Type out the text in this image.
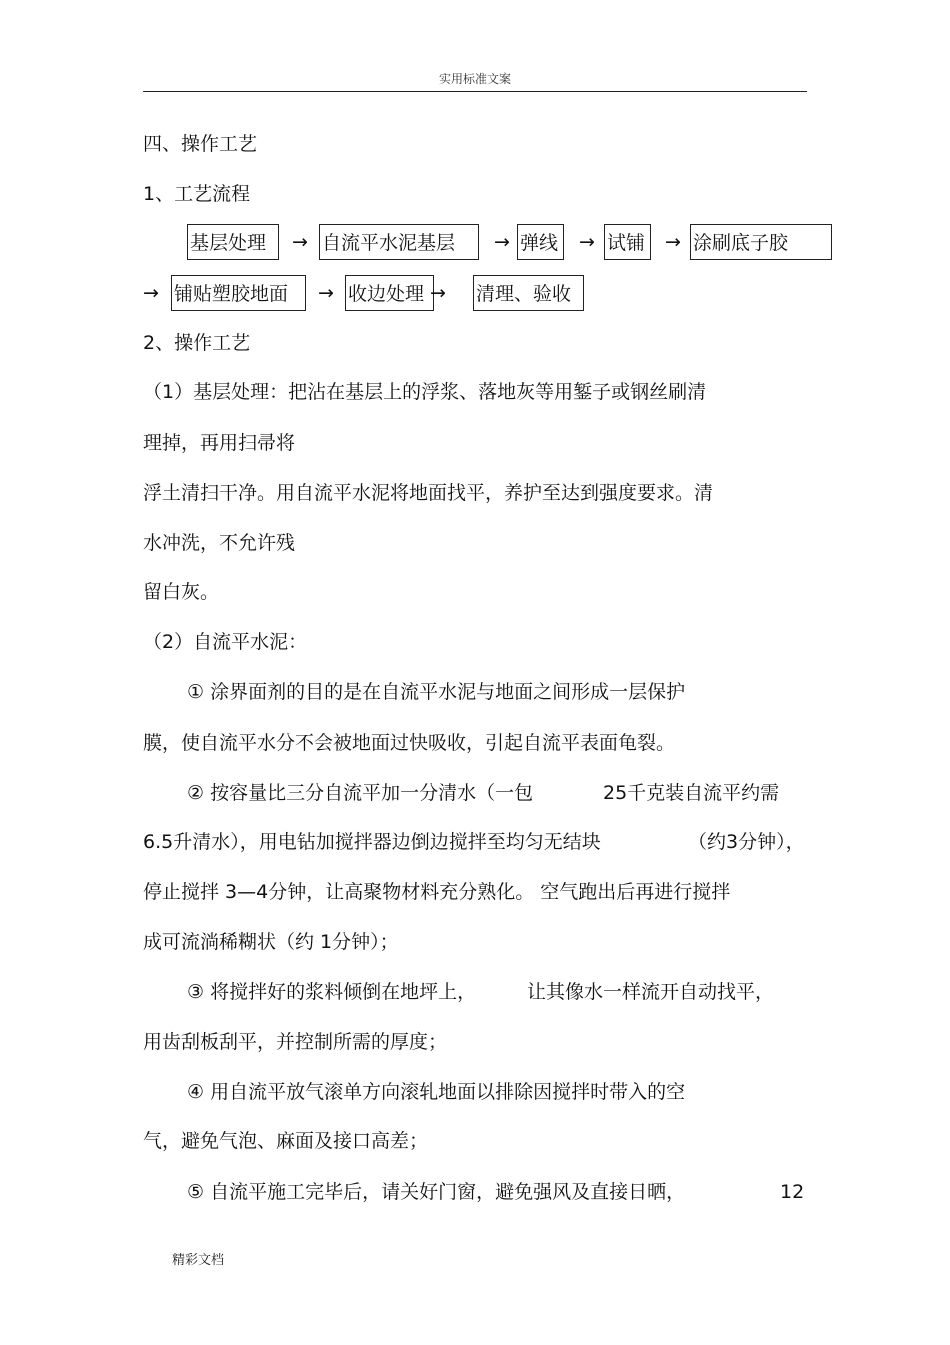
实用标准文案
四、操作工艺
1、工艺流程
基层处理	→ 自流平水泥基层	→ 弹线	→ 试铺	→ 涂刷底子胶
→ 铺贴塑胶地面	→ 收边处理 → 清理、验收
2、操作工艺
（1）基层处理：把沾在基层上的浮浆、落地灰等用錾子或钢丝刷清
理掉，再用扫帚将
浮土清扫干净。用自流平水泥将地面找平，养护至达到强度要求。清
水冲洗，不允许残
留白灰。
（2）自流平水泥：
① 涂界面剂的目的是在自流平水泥与地面之间形成一层保护
膜，使自流平水分不会被地面过快吸收，引起自流平表面龟裂。
② 按容量比三分自流平加一分清水（一包	25千克装自流平约需
6.5升清水），用电钻加搅拌器边倒边搅拌至均匀无结块	（约3分钟），
停止搅拌 3—4分钟，让高聚物材料充分熟化。 空气跑出后再进行搅拌
成可流淌稀糊状（约 1分钟）；
③ 将搅拌好的浆料倾倒在地坪上，	让其像水一样流开自动找平，
用齿刮板刮平，并控制所需的厚度；
④ 用自流平放气滚单方向滚轧地面以排除因搅拌时带入的空
气，避免气泡、麻面及接口高差；
⑤ 自流平施工完毕后，请关好门窗，避免强风及直接日晒，	12
精彩文档
